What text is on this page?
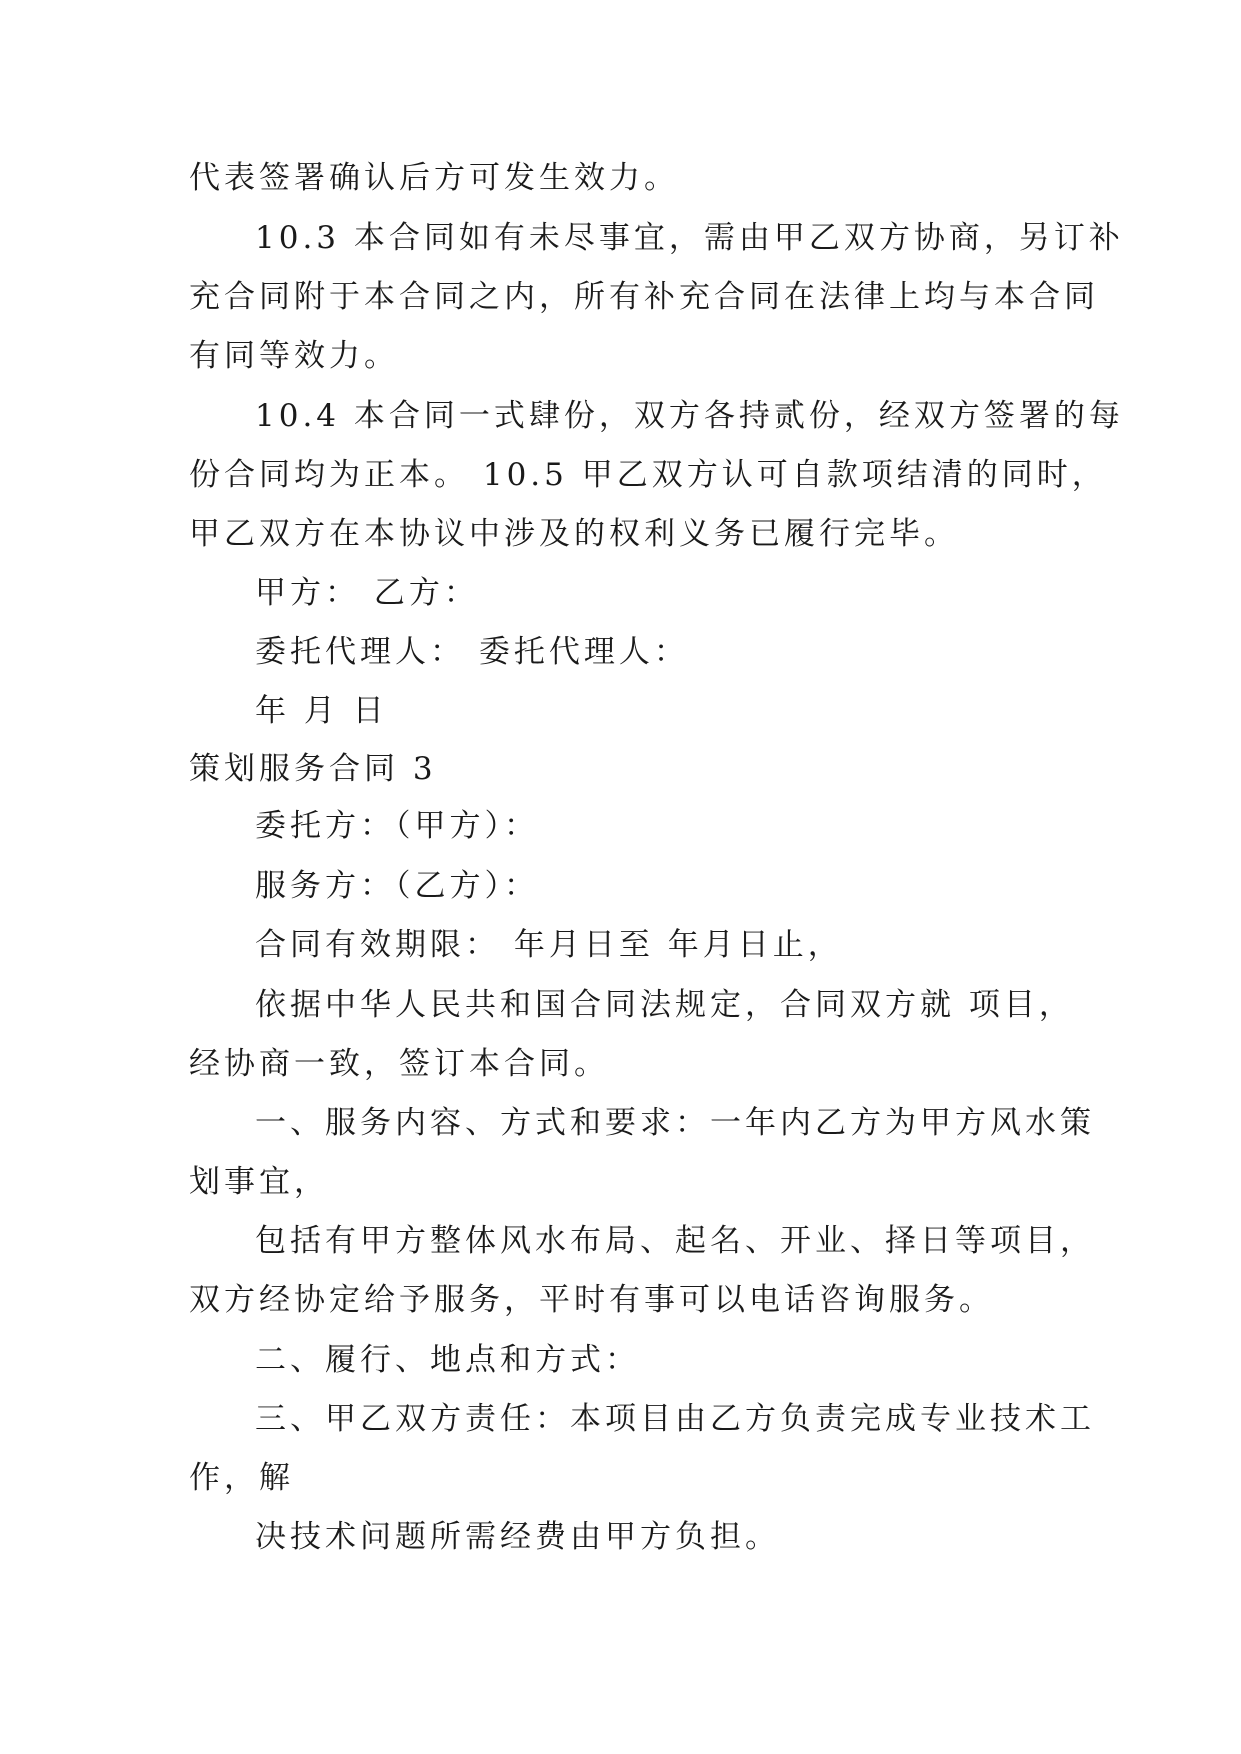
代表签署确认后方可发生效力。
10.3 本合同如有未尽事宜，需由甲乙双方协商，另订补
充合同附于本合同之内，所有补充合同在法律上均与本合同
有同等效力。
10.4 本合同一式肆份，双方各持贰份，经双方签署的每
份合同均为正本。 10.5 甲乙双方认可自款项结清的同时，
甲乙双方在本协议中涉及的权利义务已履行完毕。
甲方： 乙方：
委托代理人： 委托代理人：
年 月 日
策划服务合同 3
委托方：（甲方）：
服务方：（乙方）：
合同有效期限： 年月日至 年月日止，
依据中华人民共和国合同法规定，合同双方就 项目，
经协商一致，签订本合同。
一、服务内容、方式和要求：一年内乙方为甲方风水策
划事宜，
包括有甲方整体风水布局、起名、开业、择日等项目，
双方经协定给予服务，平时有事可以电话咨询服务。
二、履行、地点和方式：
三、甲乙双方责任：本项目由乙方负责完成专业技术工
作，解
决技术问题所需经费由甲方负担。
